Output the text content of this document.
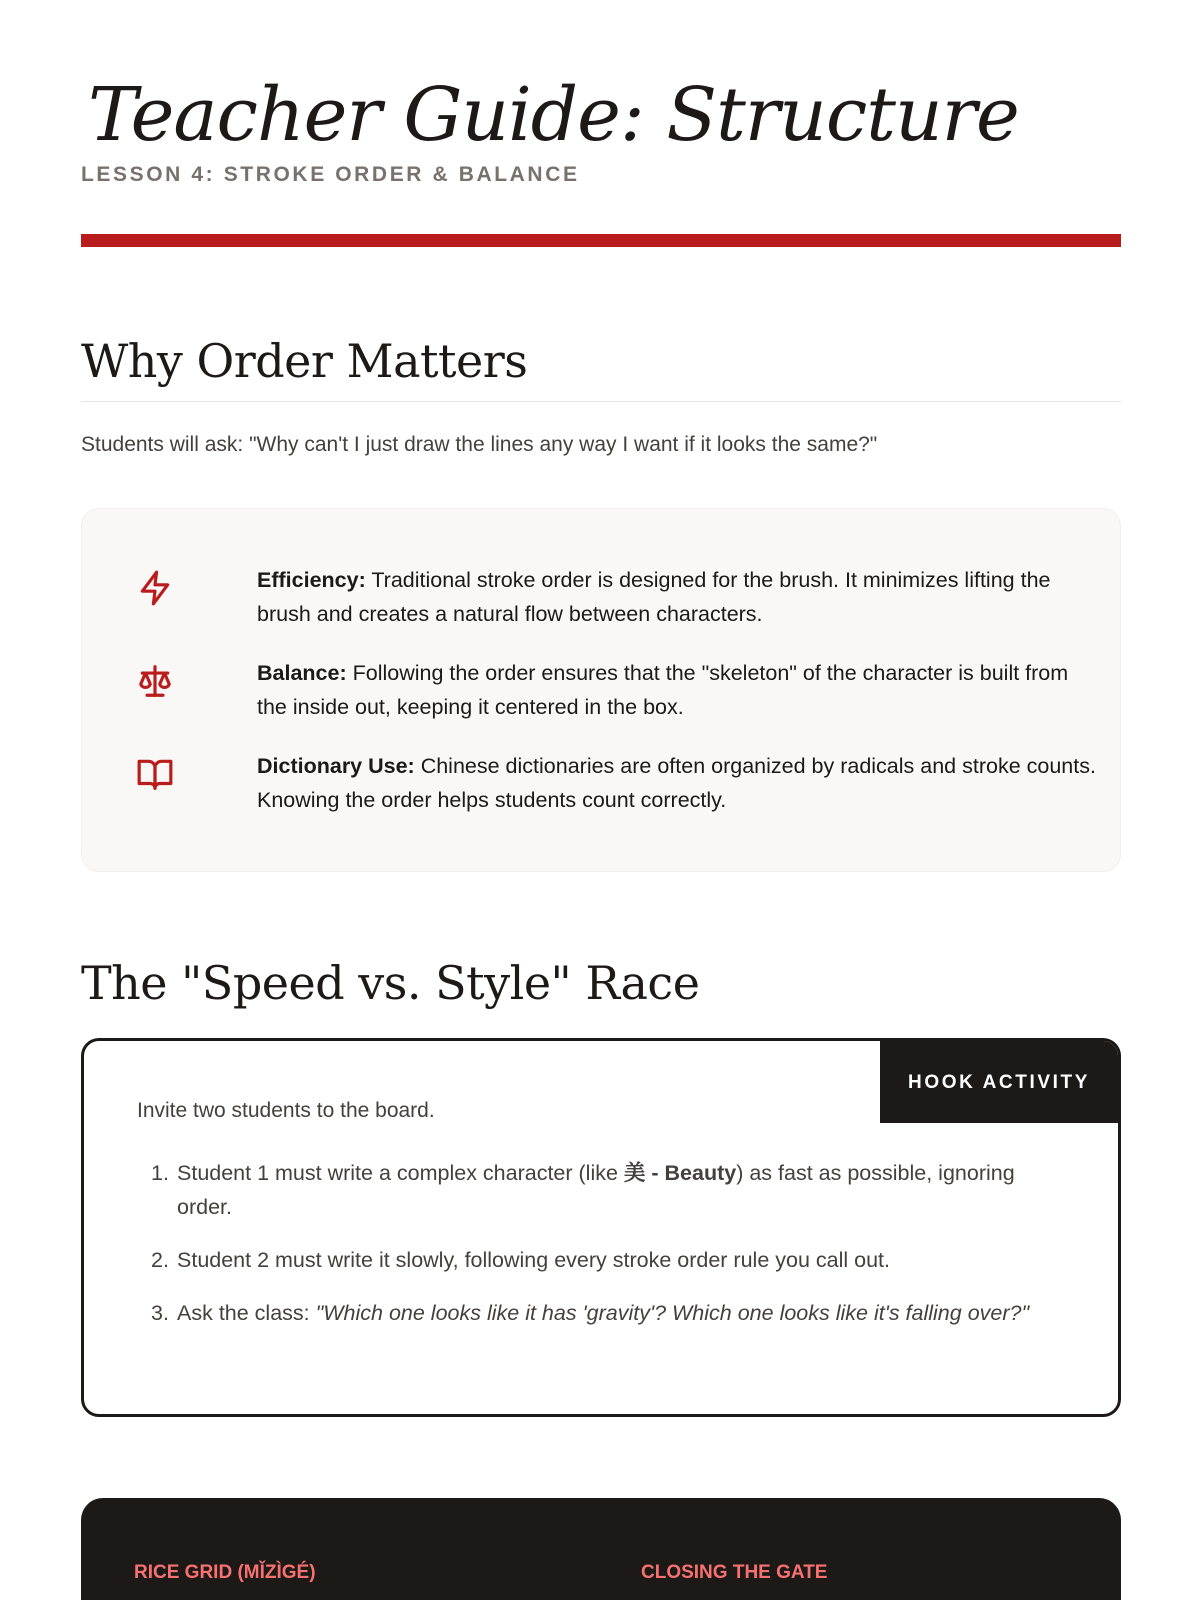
Teacher Guide: Structure
LESSON 4: STROKE ORDER & BALANCE
Why Order Matters

Students will ask: "Why can't I just draw the lines any way I want if it looks the same?"

Efficiency: Traditional stroke order is designed for the brush. It minimizes lifting the brush and creates a natural flow between characters.

Balance: Following the order ensures that the "skeleton" of the character is built from the inside out, keeping it centered in the box.

Dictionary Use: Chinese dictionaries are often organized by radicals and stroke counts. Knowing the order helps students count correctly.

The "Speed vs. Style" Race
HOOK ACTIVITY

Invite two students to the board.

1. Student 1 must write a complex character (like 美 - Beauty) as fast as possible, ignoring order.
2. Student 2 must write it slowly, following every stroke order rule you call out.
3. Ask the class: "Which one looks like it has 'gravity'? Which one looks like it's falling over?"
RICE GRID (MǏZÌGÉ)	CLOSING THE GATE
